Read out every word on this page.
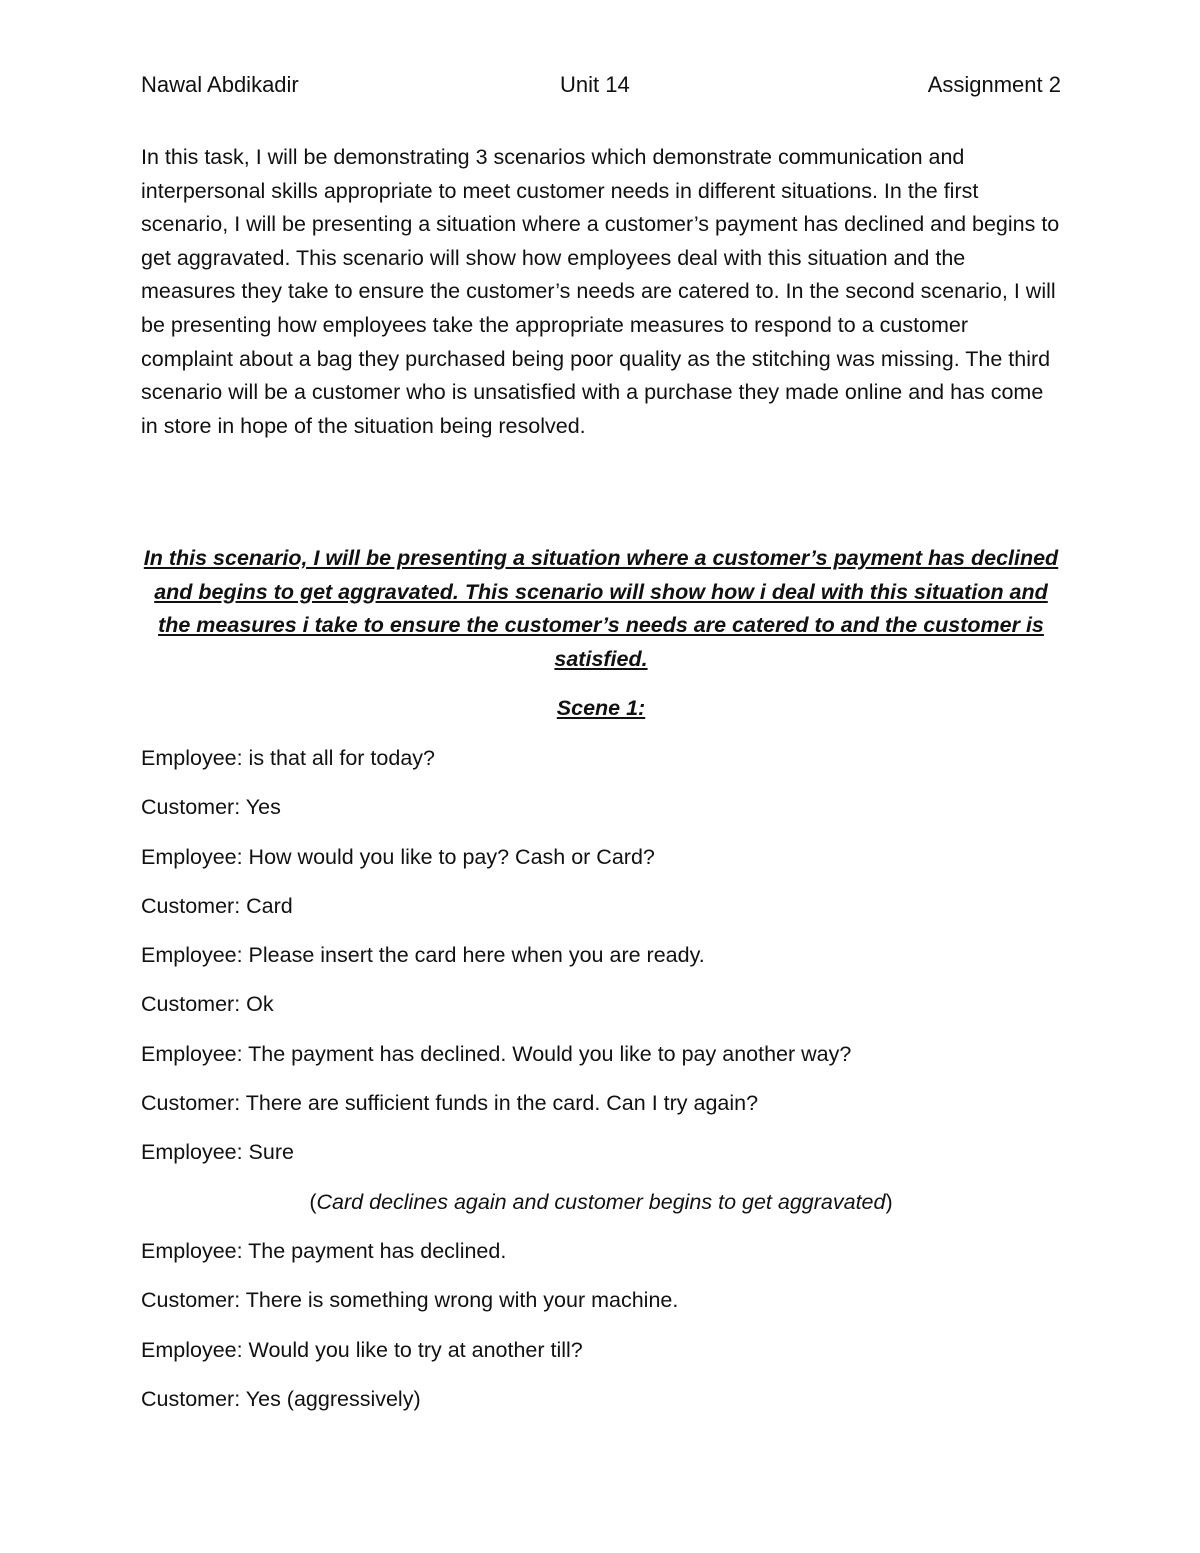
Nawal Abdikadir	Unit 14	Assignment 2

In this task, I will be demonstrating 3 scenarios which demonstrate communication and interpersonal skills appropriate to meet customer needs in different situations. In the first scenario, I will be presenting a situation where a customer’s payment has declined and begins to get aggravated. This scenario will show how employees deal with this situation and the measures they take to ensure the customer’s needs are catered to. In the second scenario, I will be presenting how employees take the appropriate measures to respond to a customer complaint about a bag they purchased being poor quality as the stitching was missing. The third scenario will be a customer who is unsatisfied with a purchase they made online and has come in store in hope of the situation being resolved.

In this scenario, I will be presenting a situation where a customer’s payment has declined and begins to get aggravated. This scenario will show how i deal with this situation and the measures i take to ensure the customer’s needs are catered to and the customer is satisfied.

Scene 1:

Employee: is that all for today?
Customer: Yes
Employee: How would you like to pay? Cash or Card?
Customer: Card
Employee: Please insert the card here when you are ready.
Customer: Ok
Employee: The payment has declined. Would you like to pay another way?
Customer: There are sufficient funds in the card. Can I try again?
Employee: Sure
(Card declines again and customer begins to get aggravated)
Employee: The payment has declined.
Customer: There is something wrong with your machine.
Employee: Would you like to try at another till?
Customer: Yes (aggressively)
